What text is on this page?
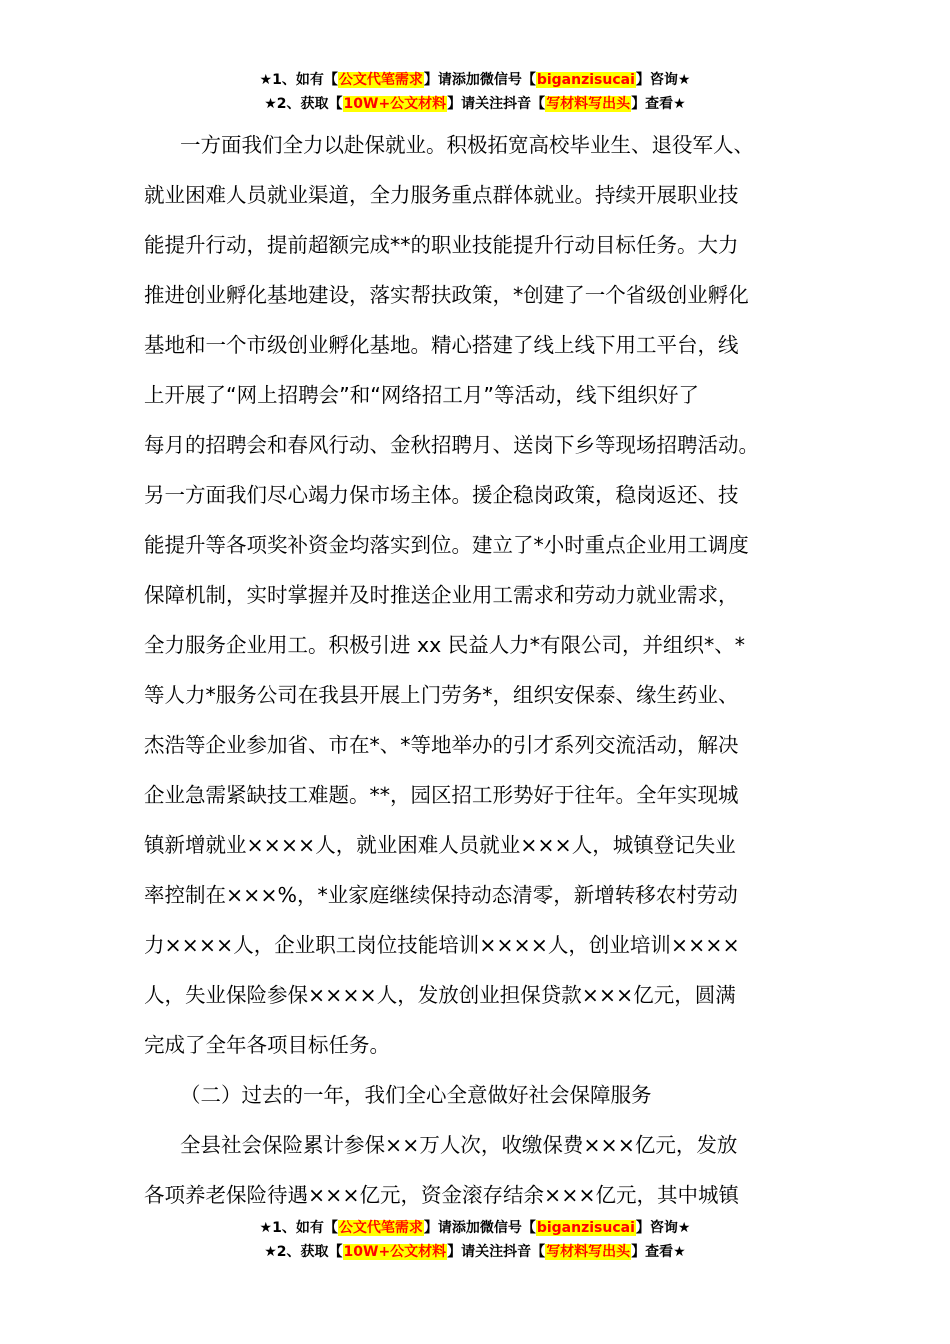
★1、如有【公文代笔需求】请添加微信号【biganzisucai】咨询★
★2、获取【10W+公文材料】请关注抖音【写材料写出头】查看★
一方面我们全力以赴保就业。积极拓宽高校毕业生、退役军人、
就业困难人员就业渠道，全力服务重点群体就业。持续开展职业技
能提升行动，提前超额完成**的职业技能提升行动目标任务。大力
推进创业孵化基地建设，落实帮扶政策，*创建了一个省级创业孵化
基地和一个市级创业孵化基地。精心搭建了线上线下用工平台，线
上开展了“网上招聘会”和“网络招工月”等活动，线下组织好了
每月的招聘会和春风行动、金秋招聘月、送岗下乡等现场招聘活动。
另一方面我们尽心竭力保市场主体。援企稳岗政策，稳岗返还、技
能提升等各项奖补资金均落实到位。建立了*小时重点企业用工调度
保障机制，实时掌握并及时推送企业用工需求和劳动力就业需求，
全力服务企业用工。积极引进 xx 民益人力*有限公司，并组织*、*
等人力*服务公司在我县开展上门劳务*，组织安保泰、缘生药业、
杰浩等企业参加省、市在*、*等地举办的引才系列交流活动，解决
企业急需紧缺技工难题。**，园区招工形势好于往年。全年实现城
镇新增就业××××人，就业困难人员就业×××人，城镇登记失业
率控制在×××%，*业家庭继续保持动态清零，新增转移农村劳动
力××××人，企业职工岗位技能培训××××人，创业培训××××
人，失业保险参保××××人，发放创业担保贷款×××亿元，圆满
完成了全年各项目标任务。
（二）过去的一年，我们全心全意做好社会保障服务
全县社会保险累计参保××万人次，收缴保费×××亿元，发放
各项养老保险待遇×××亿元，资金滚存结余×××亿元，其中城镇
★1、如有【公文代笔需求】请添加微信号【biganzisucai】咨询★
★2、获取【10W+公文材料】请关注抖音【写材料写出头】查看★
